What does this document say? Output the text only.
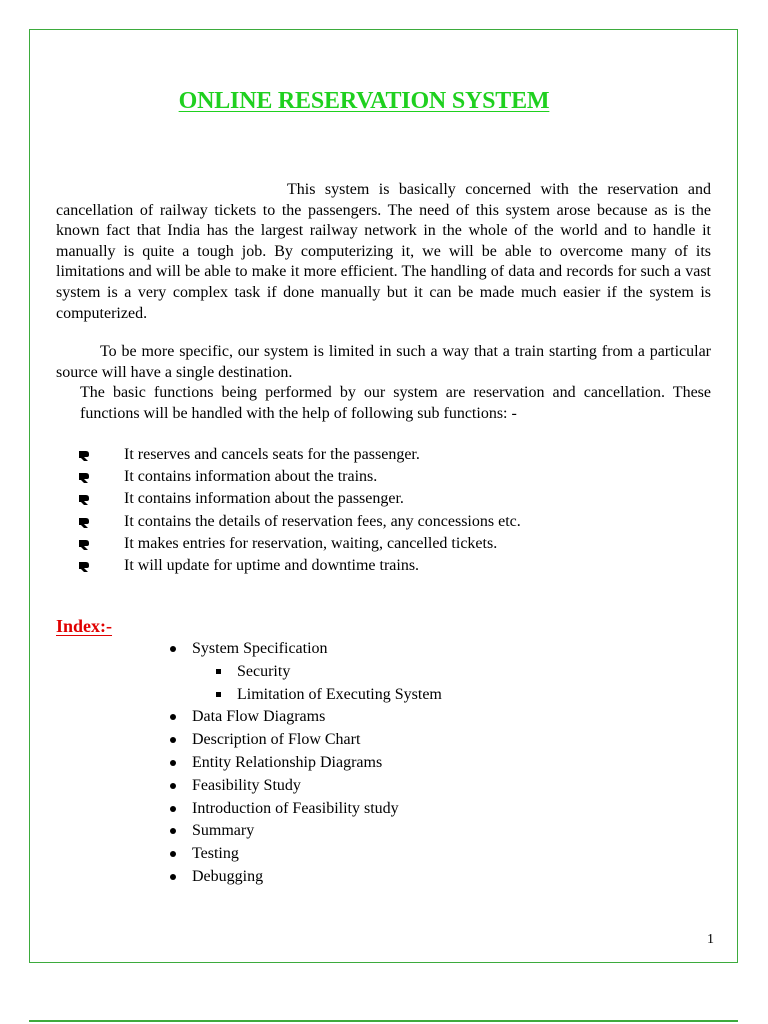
ONLINE RESERVATION SYSTEM

This system is basically concerned with the reservation and cancellation of railway tickets to the passengers. The need of this system arose because as is the known fact that India has the largest railway network in the whole of the world and to handle it manually is quite a tough job. By computerizing it, we will be able to overcome many of its limitations and will be able to make it more efficient. The handling of data and records for such a vast system is a very complex task if done manually but it can be made much easier if the system is computerized.

To be more specific, our system is limited in such a way that a train starting from a particular source will have a single destination.

The basic functions being performed by our system are reservation and cancellation. These functions will be handled with the help of following sub functions: -

It reserves and cancels seats for the passenger.
It contains information about the trains.
It contains information about the passenger.
It contains the details of reservation fees, any concessions etc.
It makes entries for reservation, waiting, cancelled tickets.
It will update for uptime and downtime trains.
Index:-
System Specification
Security
Limitation of Executing System
Data Flow Diagrams
Description of Flow Chart
Entity Relationship Diagrams
Feasibility Study
Introduction of Feasibility study
Summary
Testing
Debugging
1
